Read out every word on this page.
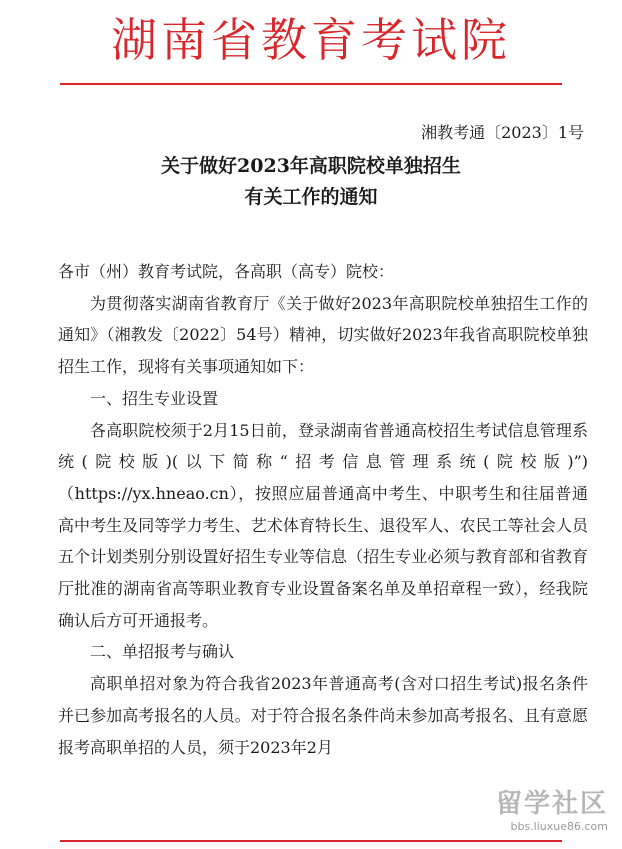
湖南省教育考试院
湘教考通〔2023〕1号
关于做好2023年高职院校单独招生
有关工作的通知

各市（州）教育考试院，各高职（高专）院校：

为贯彻落实湖南省教育厅《关于做好2023年高职院校单独招生工作的通知》（湘教发〔2022〕54号）精神，切实做好2023年我省高职院校单独招生工作，现将有关事项通知如下：

一、招生专业设置

各高职院校须于2月15日前，登录湖南省普通高校招生考试信息管理系统(院校版)(以下简称“招考信息管理系统(院校版)”)（https://yx.hneao.cn），按照应届普通高中考生、中职考生和往届普通高中考生及同等学力考生、艺术体育特长生、退役军人、农民工等社会人员五个计划类别分别设置好招生专业等信息（招生专业必须与教育部和省教育厅批准的湖南省高等职业教育专业设置备案名单及单招章程一致），经我院确认后方可开通报考。

二、单招报考与确认

高职单招对象为符合我省2023年普通高考(含对口招生考试)报名条件并已参加高考报名的人员。对于符合报名条件尚未参加高考报名、且有意愿报考高职单招的人员，须于2023年2月

留学社区
bbs.liuxue86.com
